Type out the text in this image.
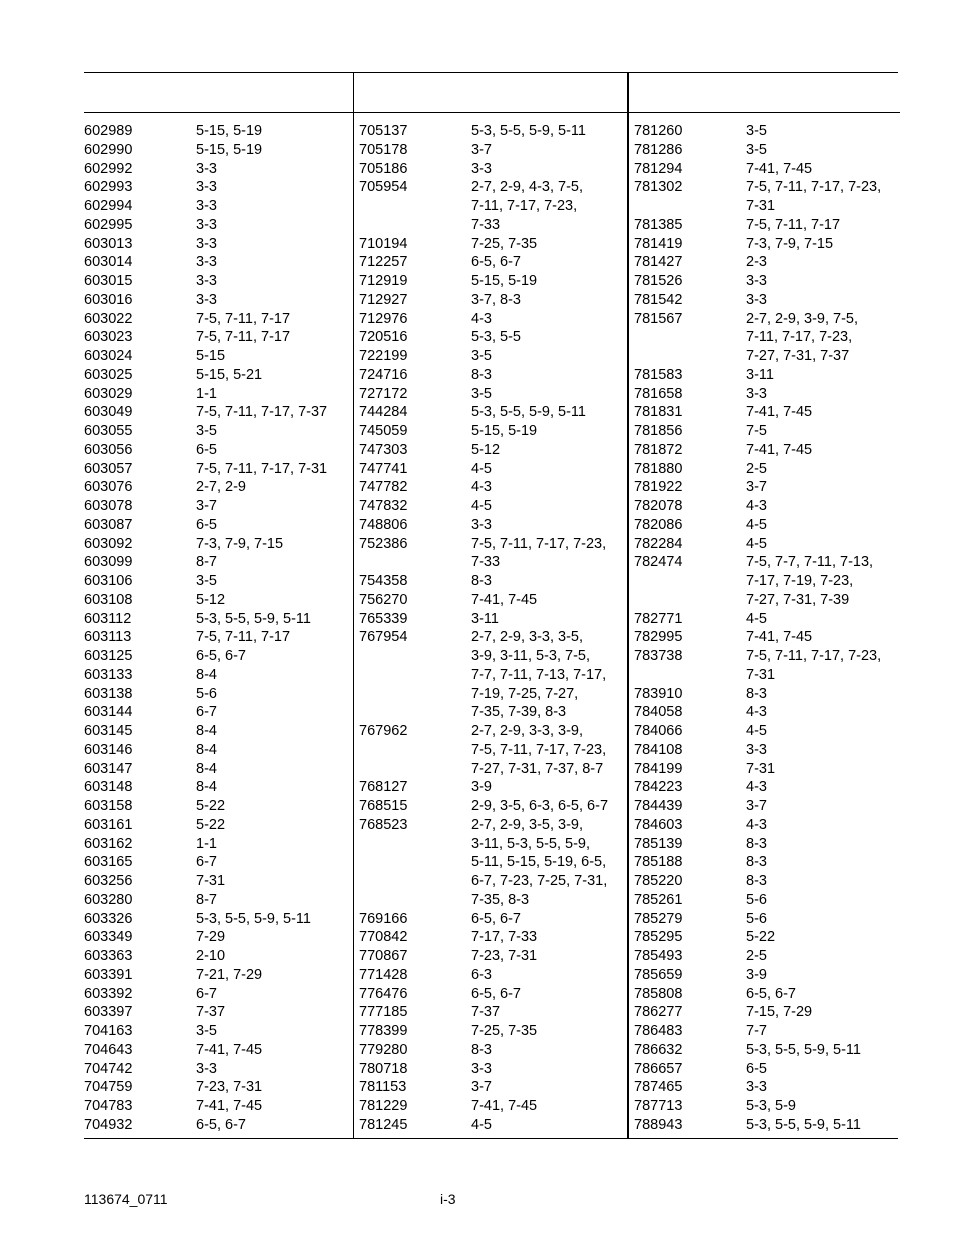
602989	5-15, 5-19
602990	5-15, 5-19
602992	3-3
602993	3-3
602994	3-3
602995	3-3
603013	3-3
603014	3-3
603015	3-3
603016	3-3
603022	7-5, 7-11, 7-17
603023	7-5, 7-11, 7-17
603024	5-15
603025	5-15, 5-21
603029	1-1
603049	7-5, 7-11, 7-17, 7-37
603055	3-5
603056	6-5
603057	7-5, 7-11, 7-17, 7-31
603076	2-7, 2-9
603078	3-7
603087	6-5
603092	7-3, 7-9, 7-15
603099	8-7
603106	3-5
603108	5-12
603112	5-3, 5-5, 5-9, 5-11
603113	7-5, 7-11, 7-17
603125	6-5, 6-7
603133	8-4
603138	5-6
603144	6-7
603145	8-4
603146	8-4
603147	8-4
603148	8-4
603158	5-22
603161	5-22
603162	1-1
603165	6-7
603256	7-31
603280	8-7
603326	5-3, 5-5, 5-9, 5-11
603349	7-29
603363	2-10
603391	7-21, 7-29
603392	6-7
603397	7-37
704163	3-5
704643	7-41, 7-45
704742	3-3
704759	7-23, 7-31
704783	7-41, 7-45
704932	6-5, 6-7
705137	5-3, 5-5, 5-9, 5-11
705178	3-7
705186	3-3
705954	2-7, 2-9, 4-3, 7-5,
7-11, 7-17, 7-23,
7-33
710194	7-25, 7-35
712257	6-5, 6-7
712919	5-15, 5-19
712927	3-7, 8-3
712976	4-3
720516	5-3, 5-5
722199	3-5
724716	8-3
727172	3-5
744284	5-3, 5-5, 5-9, 5-11
745059	5-15, 5-19
747303	5-12
747741	4-5
747782	4-3
747832	4-5
748806	3-3
752386	7-5, 7-11, 7-17, 7-23,
7-33
754358	8-3
756270	7-41, 7-45
765339	3-11
767954	2-7, 2-9, 3-3, 3-5,
3-9, 3-11, 5-3, 7-5,
7-7, 7-11, 7-13, 7-17,
7-19, 7-25, 7-27,
7-35, 7-39, 8-3
767962	2-7, 2-9, 3-3, 3-9,
7-5, 7-11, 7-17, 7-23,
7-27, 7-31, 7-37, 8-7
768127	3-9
768515	2-9, 3-5, 6-3, 6-5, 6-7
768523	2-7, 2-9, 3-5, 3-9,
3-11, 5-3, 5-5, 5-9,
5-11, 5-15, 5-19, 6-5,
6-7, 7-23, 7-25, 7-31,
7-35, 8-3
769166	6-5, 6-7
770842	7-17, 7-33
770867	7-23, 7-31
771428	6-3
776476	6-5, 6-7
777185	7-37
778399	7-25, 7-35
779280	8-3
780718	3-3
781153	3-7
781229	7-41, 7-45
781245	4-5
781260	3-5
781286	3-5
781294	7-41, 7-45
781302	7-5, 7-11, 7-17, 7-23,
7-31
781385	7-5, 7-11, 7-17
781419	7-3, 7-9, 7-15
781427	2-3
781526	3-3
781542	3-3
781567	2-7, 2-9, 3-9, 7-5,
7-11, 7-17, 7-23,
7-27, 7-31, 7-37
781583	3-11
781658	3-3
781831	7-41, 7-45
781856	7-5
781872	7-41, 7-45
781880	2-5
781922	3-7
782078	4-3
782086	4-5
782284	4-5
782474	7-5, 7-7, 7-11, 7-13,
7-17, 7-19, 7-23,
7-27, 7-31, 7-39
782771	4-5
782995	7-41, 7-45
783738	7-5, 7-11, 7-17, 7-23,
7-31
783910	8-3
784058	4-3
784066	4-5
784108	3-3
784199	7-31
784223	4-3
784439	3-7
784603	4-3
785139	8-3
785188	8-3
785220	8-3
785261	5-6
785279	5-6
785295	5-22
785493	2-5
785659	3-9
785808	6-5, 6-7
786277	7-15, 7-29
786483	7-7
786632	5-3, 5-5, 5-9, 5-11
786657	6-5
787465	3-3
787713	5-3, 5-9
788943	5-3, 5-5, 5-9, 5-11
113674_0711	i-3
